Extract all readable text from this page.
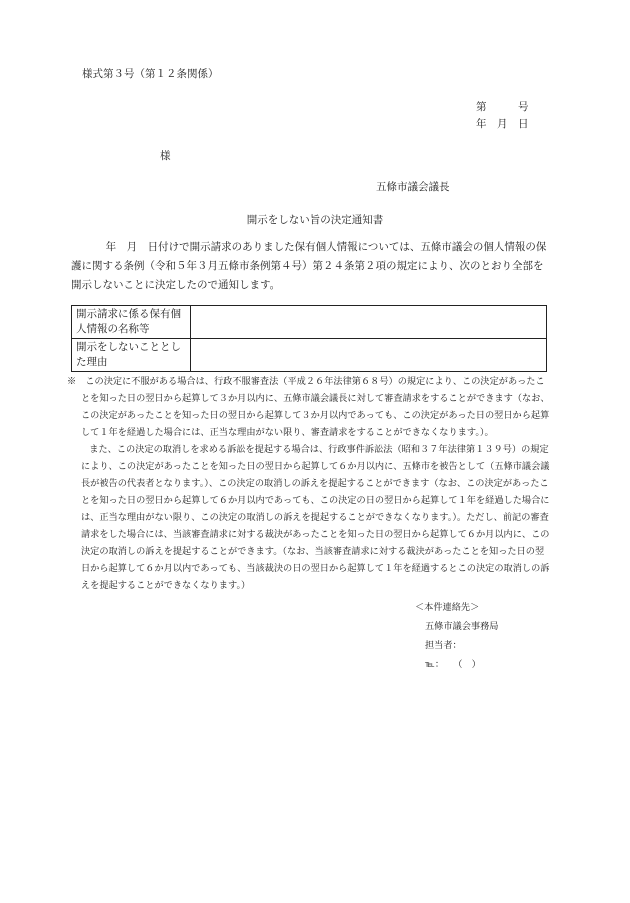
様式第３号（第１２条関係）
第　　　号
年　月　日
様
五條市議会議長
開示をしない旨の決定通知書
年　月　日付けで開示請求のありました保有個人情報については、五條市議会の個人情報の保護に関する条例（令和５年３月五條市条例第４号）第２４条第２項の規定により、次のとおり全部を開示しないことに決定したので通知します。
開示請求に係る保有個人情報の名称等	
開示をしないこととした理由	
※　 この決定に不服がある場合は、行政不服審査法（平成２６年法律第６８号）の規定により、この決定があったことを知った日の翌日から起算して３か月以内に、五條市議会議長に対して審査請求をすることができます（なお、この決定があったことを知った日の翌日から起算して３か月以内であっても、この決定があった日の翌日から起算して１年を経過した場合には、正当な理由がない限り、審査請求をすることができなくなります。）。
また、この決定の取消しを求める訴訟を提起する場合は、行政事件訴訟法（昭和３７年法律第１３９号）の規定により、この決定があったことを知った日の翌日から起算して６か月以内に、五條市を被告として（五條市議会議長が被告の代表者となります。）、この決定の取消しの訴えを提起することができます（なお、この決定があったことを知った日の翌日から起算して６か月以内であっても、この決定の日の翌日から起算して１年を経過した場合には、正当な理由がない限り、この決定の取消しの訴えを提起することができなくなります。）。ただし、前記の審査請求をした場合には、当該審査請求に対する裁決があったことを知った日の翌日から起算して６か月以内に、この決定の取消しの訴えを提起することができます。（なお、当該審査請求に対する裁決があったことを知った日の翌日から起算して６か月以内であっても、当該裁決の日の翌日から起算して１年を経過するとこの決定の取消しの訴えを提起することができなくなります。）
＜本件連絡先＞
五條市議会事務局
担当者：
℡：　　（　）
